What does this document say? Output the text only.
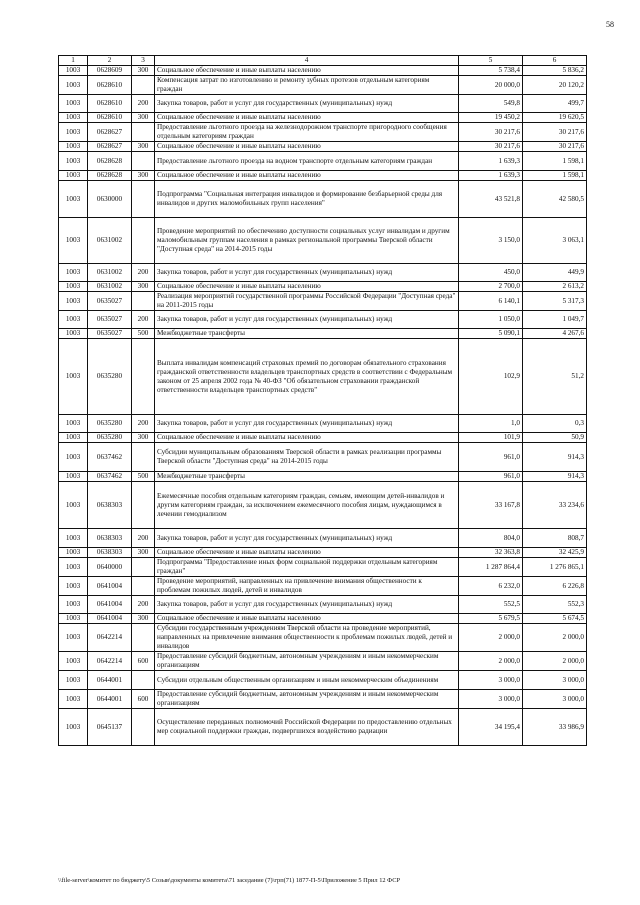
58
1	2	3	4	5	6
1003	0628609	300	Социальное обеспечение и иные выплаты населению	5 738,4	5 836,2
1003	0628610		Компенсация затрат по изготовлению и ремонту зубных протезов отдельным категориям граждан	20 000,0	20 120,2
1003	0628610	200	Закупка товаров, работ и услуг для государственных (муниципальных) нужд	549,8	499,7
1003	0628610	300	Социальное обеспечение и иные выплаты населению	19 450,2	19 620,5
1003	0628627		Предоставление льготного проезда на железнодорожном транспорте пригородного сообщения отдельным категориям граждан	30 217,6	30 217,6
1003	0628627	300	Социальное обеспечение и иные выплаты населению	30 217,6	30 217,6
1003	0628628		Предоставление льготного проезда на водном транспорте отдельным категориям граждан	1 639,3	1 598,1
1003	0628628	300	Социальное обеспечение и иные выплаты населению	1 639,3	1 598,1
1003	0630000		Подпрограмма "Социальная интеграция инвалидов и формирование безбарьерной среды для инвалидов и других маломобильных групп населения"	43 521,8	42 580,5
1003	0631002		Проведение мероприятий по обеспечению доступности социальных услуг инвалидам и другим маломобильным группам населения в рамках региональной программы Тверской области "Доступная среда" на 2014-2015 годы	3 150,0	3 063,1
1003	0631002	200	Закупка товаров, работ и услуг для государственных (муниципальных) нужд	450,0	449,9
1003	0631002	300	Социальное обеспечение и иные выплаты населению	2 700,0	2 613,2
1003	0635027		Реализация мероприятий государственной программы Российской Федерации "Доступная среда" на 2011-2015 годы	6 140,1	5 317,3
1003	0635027	200	Закупка товаров, работ и услуг для государственных (муниципальных) нужд	1 050,0	1 049,7
1003	0635027	500	Межбюджетные трансферты	5 090,1	4 267,6
1003	0635280		Выплата инвалидам компенсаций страховых премий по договорам обязательного страхования гражданской ответственности владельцев транспортных средств в соответствии с Федеральным законом от 25 апреля 2002 года № 40-ФЗ "Об обязательном страховании гражданской ответственности владельцев транспортных средств"	102,9	51,2
1003	0635280	200	Закупка товаров, работ и услуг для государственных (муниципальных) нужд	1,0	0,3
1003	0635280	300	Социальное обеспечение и иные выплаты населению	101,9	50,9
1003	0637462		Субсидии муниципальным образованиям Тверской области в рамках реализации программы Тверской области "Доступная среда" на 2014-2015 годы	961,0	914,3
1003	0637462	500	Межбюджетные трансферты	961,0	914,3
1003	0638303		Ежемесячные пособия отдельным категориям граждан, семьям, имеющим детей-инвалидов и другим категориям граждан, за исключением ежемесячного пособия лицам, нуждающимся в лечении гемодиализом	33 167,8	33 234,6
1003	0638303	200	Закупка товаров, работ и услуг для государственных (муниципальных) нужд	804,0	808,7
1003	0638303	300	Социальное обеспечение и иные выплаты населению	32 363,8	32 425,9
1003	0640000		Подпрограмма "Предоставление иных форм социальной поддержки отдельным категориям граждан"	1 287 864,4	1 276 865,1
1003	0641004		Проведение мероприятий, направленных на привлечение внимания общественности к проблемам пожилых людей, детей и инвалидов	6 232,0	6 226,8
1003	0641004	200	Закупка товаров, работ и услуг для государственных (муниципальных) нужд	552,5	552,3
1003	0641004	300	Социальное обеспечение и иные выплаты населению	5 679,5	5 674,5
1003	0642214		Субсидии государственным учреждениям Тверской области на проведение мероприятий, направленных на привлечение внимания общественности к проблемам пожилых людей, детей и инвалидов	2 000,0	2 000,0
1003	0642214	600	Предоставление субсидий бюджетным, автономным учреждениям и иным некоммерческим организациям	2 000,0	2 000,0
1003	0644001		Субсидии отдельным общественным организациям и иным некоммерческим объединениям	3 000,0	3 000,0
1003	0644001	600	Предоставление субсидий бюджетным, автономным учреждениям и иным некоммерческим организациям	3 000,0	3 000,0
1003	0645137		Осуществление переданных полномочий Российской Федерации по предоставлению отдельных мер социальной поддержки граждан, подвергшихся воздействию радиации	34 195,4	33 986,9
\\file-server\комитет по бюджету\5 Созыв\документы комитета\71 заседание (7)\грп(71) 1877-П-5\Приложение 5 Прил 12 ФСР
